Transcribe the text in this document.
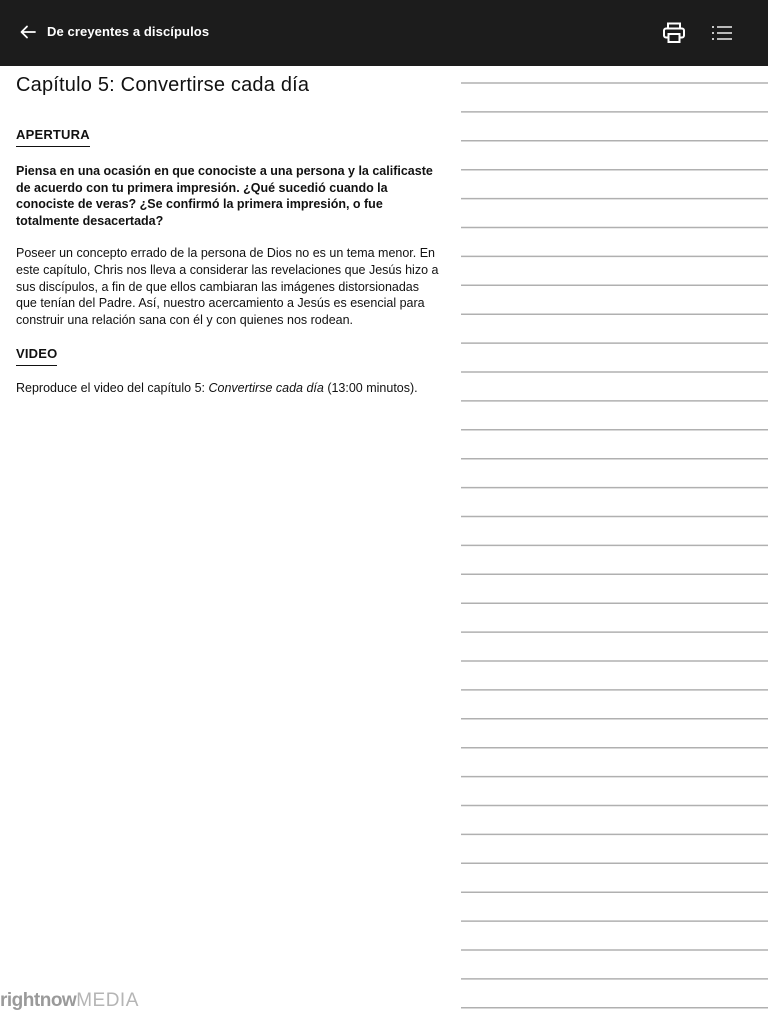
De creyentes a discípulos
Capítulo 5: Convertirse cada día
APERTURA

Piensa en una ocasión en que conociste a una persona y la calificaste de acuerdo con tu primera impresión. ¿Qué sucedió cuando la conociste de veras? ¿Se confirmó la primera impresión, o fue totalmente desacertada?

Poseer un concepto errado de la persona de Dios no es un tema menor. En este capítulo, Chris nos lleva a considerar las revelaciones que Jesús hizo a sus discípulos, a fin de que ellos cambiaran las imágenes distorsionadas que tenían del Padre. Así, nuestro acercamiento a Jesús es esencial para construir una relación sana con él y con quienes nos rodean.

VIDEO

Reproduce el video del capítulo 5: Convertirse cada día (13:00 minutos).

rightnowMEDIA
